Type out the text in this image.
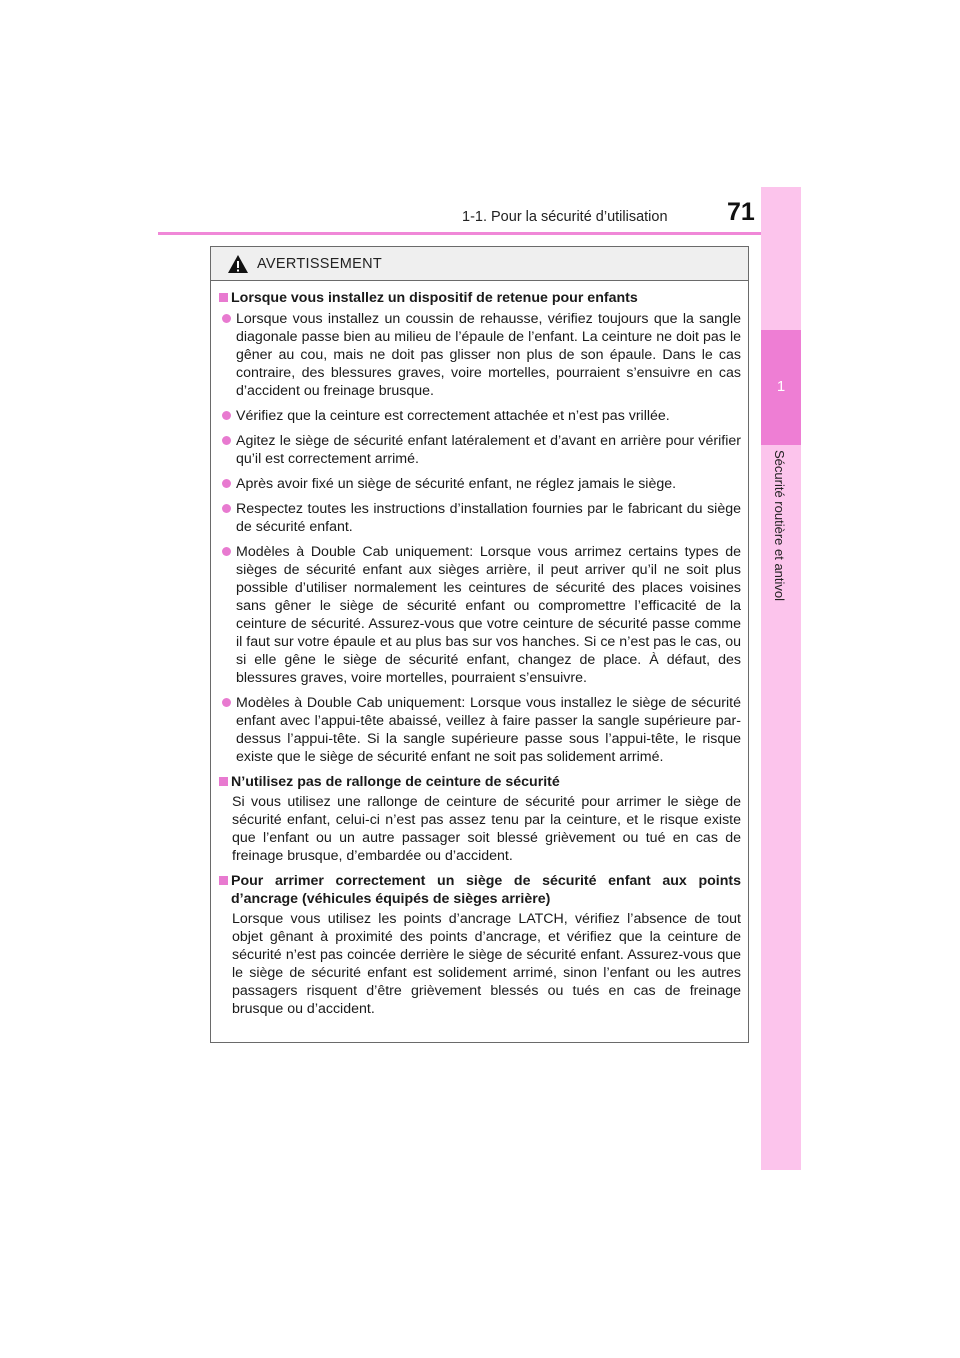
1-1. Pour la sécurité d’utilisation 71
1
Sécurité routière et antivol
AVERTISSEMENT
Lorsque vous installez un dispositif de retenue pour enfants
Lorsque vous installez un coussin de rehausse, vérifiez toujours que la sangle diagonale passe bien au milieu de l’épaule de l’enfant. La ceinture ne doit pas le gêner au cou, mais ne doit pas glisser non plus de son épaule. Dans le cas contraire, des blessures graves, voire mortelles, pourraient s’ensuivre en cas d’accident ou freinage brusque.
Vérifiez que la ceinture est correctement attachée et n’est pas vrillée.
Agitez le siège de sécurité enfant latéralement et d’avant en arrière pour vérifier qu’il est correctement arrimé.
Après avoir fixé un siège de sécurité enfant, ne réglez jamais le siège.
Respectez toutes les instructions d’installation fournies par le fabricant du siège de sécurité enfant.
Modèles à Double Cab uniquement: Lorsque vous arrimez certains types de sièges de sécurité enfant aux sièges arrière, il peut arriver qu’il ne soit plus possible d’utiliser normalement les ceintures de sécurité des places voisines sans gêner le siège de sécurité enfant ou compromettre l’efficacité de la ceinture de sécurité. Assurez-vous que votre ceinture de sécurité passe comme il faut sur votre épaule et au plus bas sur vos hanches. Si ce n’est pas le cas, ou si elle gêne le siège de sécurité enfant, changez de place. À défaut, des blessures graves, voire mortelles, pourraient s’ensuivre.
Modèles à Double Cab uniquement: Lorsque vous installez le siège de sécurité enfant avec l’appui-tête abaissé, veillez à faire passer la sangle supérieure par-dessus l’appui-tête. Si la sangle supérieure passe sous l’appui-tête, le risque existe que le siège de sécurité enfant ne soit pas solidement arrimé.
N’utilisez pas de rallonge de ceinture de sécurité
Si vous utilisez une rallonge de ceinture de sécurité pour arrimer le siège de sécurité enfant, celui-ci n’est pas assez tenu par la ceinture, et le risque existe que l’enfant ou un autre passager soit blessé grièvement ou tué en cas de freinage brusque, d’embardée ou d’accident.
Pour arrimer correctement un siège de sécurité enfant aux points d’ancrage (véhicules équipés de sièges arrière)
Lorsque vous utilisez les points d’ancrage LATCH, vérifiez l’absence de tout objet gênant à proximité des points d’ancrage, et vérifiez que la ceinture de sécurité n’est pas coincée derrière le siège de sécurité enfant. Assurez-vous que le siège de sécurité enfant est solidement arrimé, sinon l’enfant ou les autres passagers risquent d’être grièvement blessés ou tués en cas de freinage brusque ou d’accident.
